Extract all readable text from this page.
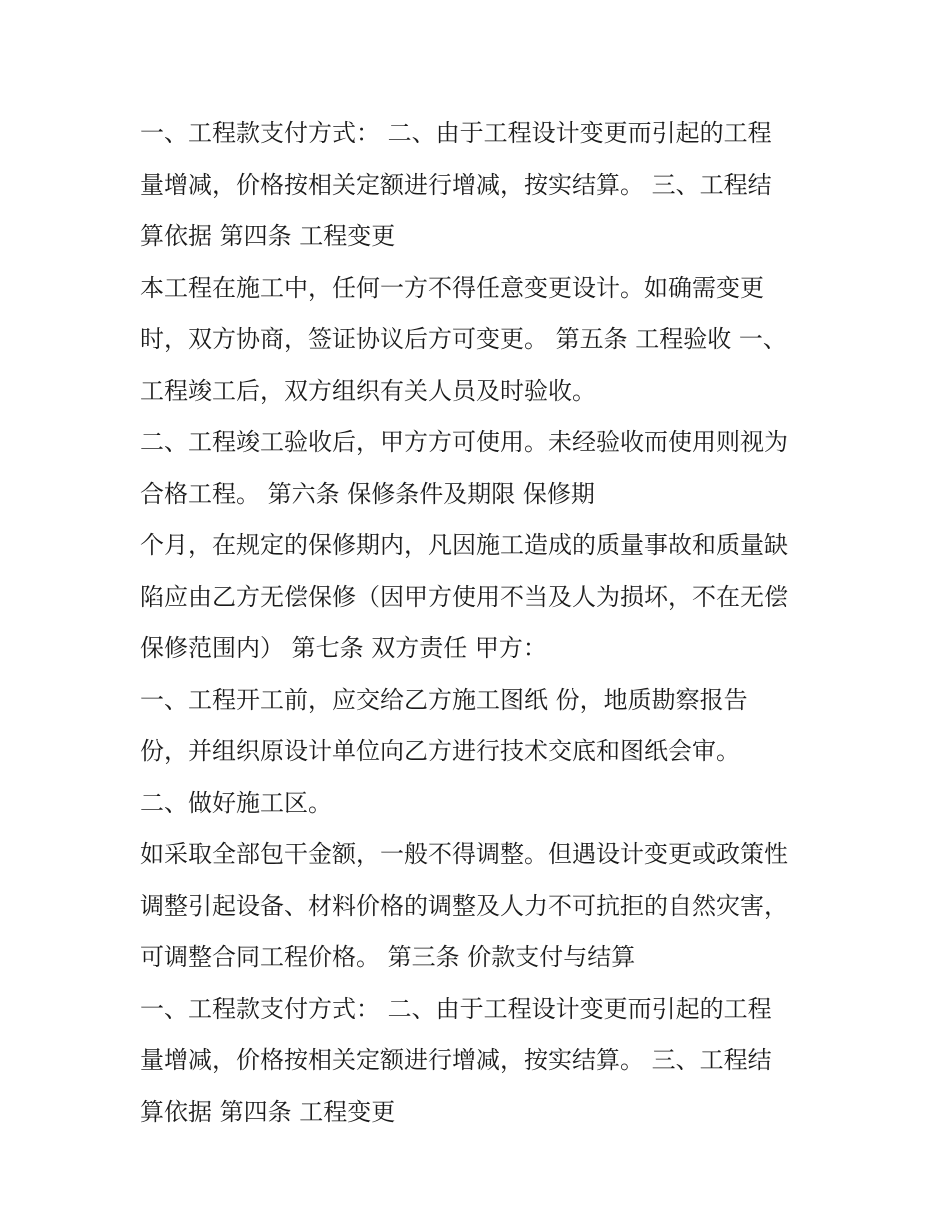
一、工程款支付方式： 二、由于工程设计变更而引起的工程
量增减，价格按相关定额进行增减，按实结算。 三、工程结
算依据 第四条 工程变更
本工程在施工中，任何一方不得任意变更设计。如确需变更
时，双方协商，签证协议后方可变更。 第五条 工程验收 一、
工程竣工后，双方组织有关人员及时验收。
二、工程竣工验收后，甲方方可使用。未经验收而使用则视为
合格工程。 第六条 保修条件及期限 保修期
个月，在规定的保修期内，凡因施工造成的质量事故和质量缺
陷应由乙方无偿保修（因甲方使用不当及人为损坏，不在无偿
保修范围内） 第七条 双方责任 甲方：
一、工程开工前，应交给乙方施工图纸 份，地质勘察报告
份，并组织原设计单位向乙方进行技术交底和图纸会审。
二、做好施工区。
如采取全部包干金额，一般不得调整。但遇设计变更或政策性
调整引起设备、材料价格的调整及人力不可抗拒的自然灾害，
可调整合同工程价格。 第三条 价款支付与结算
一、工程款支付方式： 二、由于工程设计变更而引起的工程
量增减，价格按相关定额进行增减，按实结算。 三、工程结
算依据 第四条 工程变更
